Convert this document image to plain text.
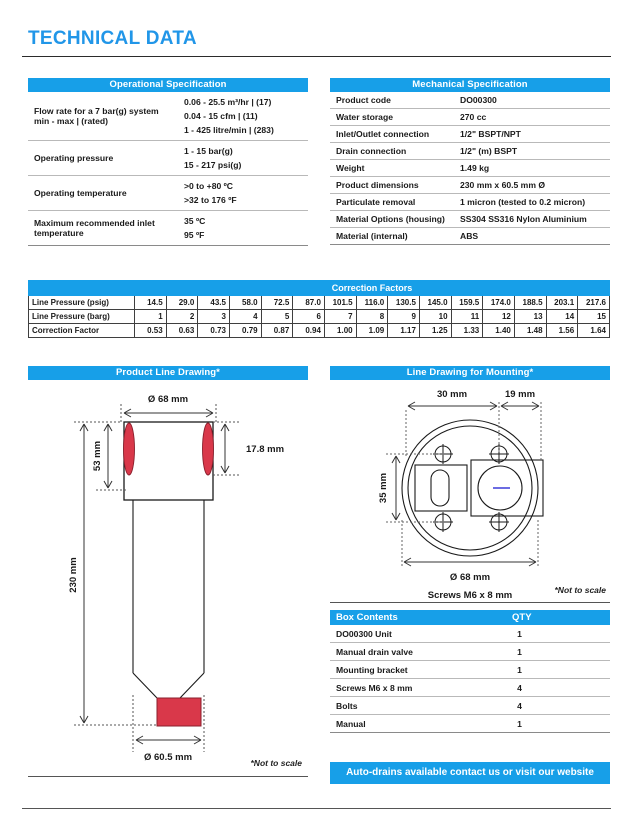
TECHNICAL DATA
Operational Specification
Flow rate for a 7 bar(g) system min - max | (rated)	0.06 - 25.5 m³/hr | (17)
0.04 - 15 cfm | (11)
1 - 425 litre/min | (283)

Operating pressure	1 - 15 bar(g)
15 - 217 psi(g)

Operating temperature	>0 to +80 ºC
>32 to 176 ºF

Maximum recommended inlet temperature	35 ºC
95 ºF
Mechanical Specification
Product code	DO00300
Water storage	270 cc
Inlet/Outlet connection	1/2" BSPT/NPT
Drain connection	1/2" (m) BSPT
Weight	1.49 kg
Product dimensions	230 mm x 60.5 mm Ø
Particulate removal	1 micron (tested to 0.2 micron)
Material Options (housing)	SS304 SS316 Nylon Aluminium
Material (internal)	ABS
	Correction Factors														
Line Pressure (psig)	14.5	29.0	43.5	58.0	72.5	87.0	101.5	116.0	130.5	145.0	159.5	174.0	188.5	203.1	217.6
Line Pressure (barg)	1	2	3	4	5	6	7	8	9	10	11	12	13	14	15
Correction Factor	0.53	0.63	0.73	0.79	0.87	0.94	1.00	1.09	1.17	1.25	1.33	1.40	1.48	1.56	1.64
Product Line Drawing*
Ø 68 mm
17.8 mm
53 mm
230 mm
Ø 60.5 mm	*Not to scale
Line Drawing for Mounting*
30 mm	19 mm
35 mm
Ø 68 mm
Screws M6 x 8 mm	*Not to scale
Box Contents	QTY
DO00300 Unit	1
Manual drain valve	1
Mounting bracket	1
Screws M6 x 8 mm	4
Bolts	4
Manual	1
Auto-drains available contact us or visit our website
